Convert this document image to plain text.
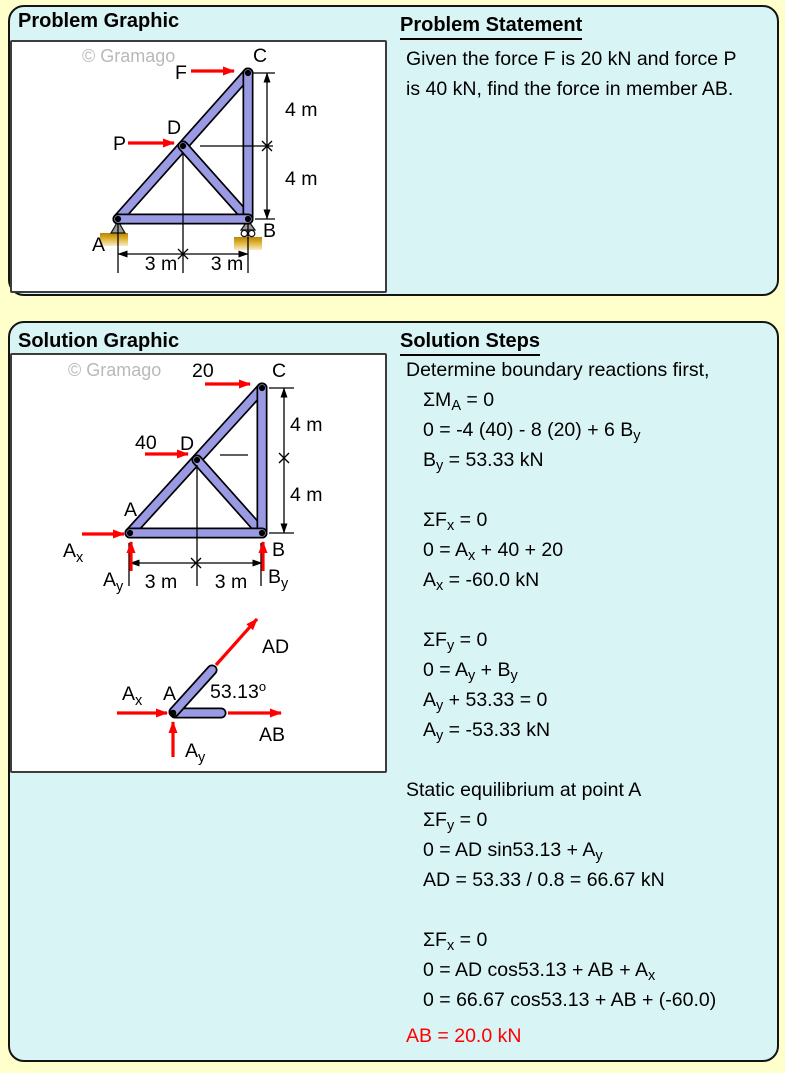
Problem Graphic
© Gramago
A
B
C
D
F
P
4 m
4 m
3 m 3 m
Problem Statement
Given the force F is 20 kN and force P
is 40 kN, find the force in member AB.
Solution Graphic
© Gramago 20	C
40 D
A
B
$A_x$
$A_y$	$B_y$
4 m
4 m
3 m 3 m
AD
AB
A 53.13$^o$
$A_x$
$A_y$
Solution Steps
Determine boundary reactions first,
$\Sigma M_A = 0$
0 = -4 (40) - 8 (20) + 6 $B_y$
$B_y = 53.33$ kN
$\Sigma F_x = 0$
$0 = A_x + 40 + 20$
$A_x = -60.0$ kN
$\Sigma F_y = 0$
$0 = A_y + B_y$
$A_y + 53.33 = 0$
$A_y = -53.33$ kN
Static equilibrium at point A
$\Sigma F_y = 0$
0 = AD $\sin 53.13 + A_y$
AD = 53.33 / 0.8 = 66.67 kN
$\Sigma F_x = 0$
0 = AD cos53.13 + AB + $A_x$
0 = 66.67 cos53.13 + AB + (-60.0)
AB = 20.0 kN
